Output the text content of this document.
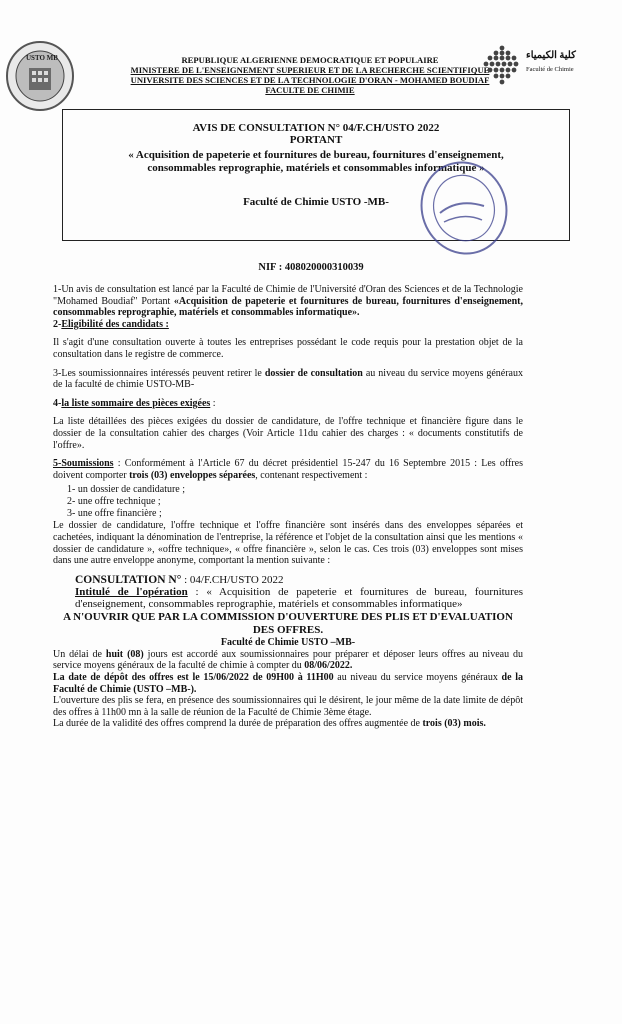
USTO MB	كلية الكيمياء
Faculté de Chimie
REPUBLIQUE ALGERIENNE DEMOCRATIQUE ET POPULAIRE
MINISTERE DE L'ENSEIGNEMENT SUPERIEUR ET DE LA RECHERCHE SCIENTIFIQUE
UNIVERSITE DES SCIENCES ET DE LA TECHNOLOGIE D'ORAN - MOHAMED BOUDIAF
FACULTE DE CHIMIE
AVIS DE CONSULTATION N° 04/F.CH/USTO 2022
PORTANT
« Acquisition de papeterie et fournitures de bureau, fournitures d'enseignement,
consommables reprographie, matériels et consommables informatique »
Faculté de Chimie USTO -MB-
NIF : 408020000310039

1-Un avis de consultation est lancé par la Faculté de Chimie de l'Université d'Oran des Sciences et de la Technologie "Mohamed Boudiaf" Portant «Acquisition de papeterie et fournitures de bureau, fournitures d'enseignement, consommables reprographie, matériels et consommables informatique».

2-Eligibilité des candidats :

Il s'agit d'une consultation ouverte à toutes les entreprises possédant le code requis pour la prestation objet de la consultation dans le registre de commerce.

3-Les soumissionnaires intéressés peuvent retirer le dossier de consultation au niveau du service moyens généraux de la faculté de chimie USTO-MB-

4-la liste sommaire des pièces exigées :

La liste détaillées des pièces exigées du dossier de candidature, de l'offre technique et financière figure dans le dossier de la consultation cahier des charges (Voir Article 11du cahier des charges : « documents constitutifs de l'offre».

5-Soumissions : Conformément à l'Article 67 du décret présidentiel 15-247 du 16 Septembre 2015 : Les offres doivent comporter trois (03) enveloppes séparées, contenant respectivement :

1- un dossier de candidature ;
2- une offre technique ;
3- une offre financière ;

Le dossier de candidature, l'offre technique et l'offre financière sont insérés dans des enveloppes séparées et cachetées, indiquant la dénomination de l'entreprise, la référence et l'objet de la consultation ainsi que les mentions « dossier de candidature », «offre technique», « offre financière », selon le cas. Ces trois (03) enveloppes sont mises dans une autre enveloppe anonyme, comportant la mention suivante :

CONSULTATION N° : 04/F.CH/USTO 2022
Intitulé de l'opération : « Acquisition de papeterie et fournitures de bureau, fournitures d'enseignement, consommables reprographie, matériels et consommables informatique»
A N'OUVRIR QUE PAR LA COMMISSION D'OUVERTURE DES PLIS ET D'EVALUATION DES OFFRES.
Faculté de Chimie USTO –MB-

Un délai de huit (08) jours est accordé aux soumissionnaires pour préparer et déposer leurs offres au niveau du service moyens généraux de la faculté de chimie à compter du 08/06/2022.

La date de dépôt des offres est le 15/06/2022 de 09H00 à 11H00 au niveau du service moyens généraux de la Faculté de Chimie (USTO –MB-).

L'ouverture des plis se fera, en présence des soumissionnaires qui le désirent, le jour même de la date limite de dépôt des offres à 11h00 mn à la salle de réunion de la Faculté de Chimie 3ème étage.

La durée de la validité des offres comprend la durée de préparation des offres augmentée de trois (03) mois.
